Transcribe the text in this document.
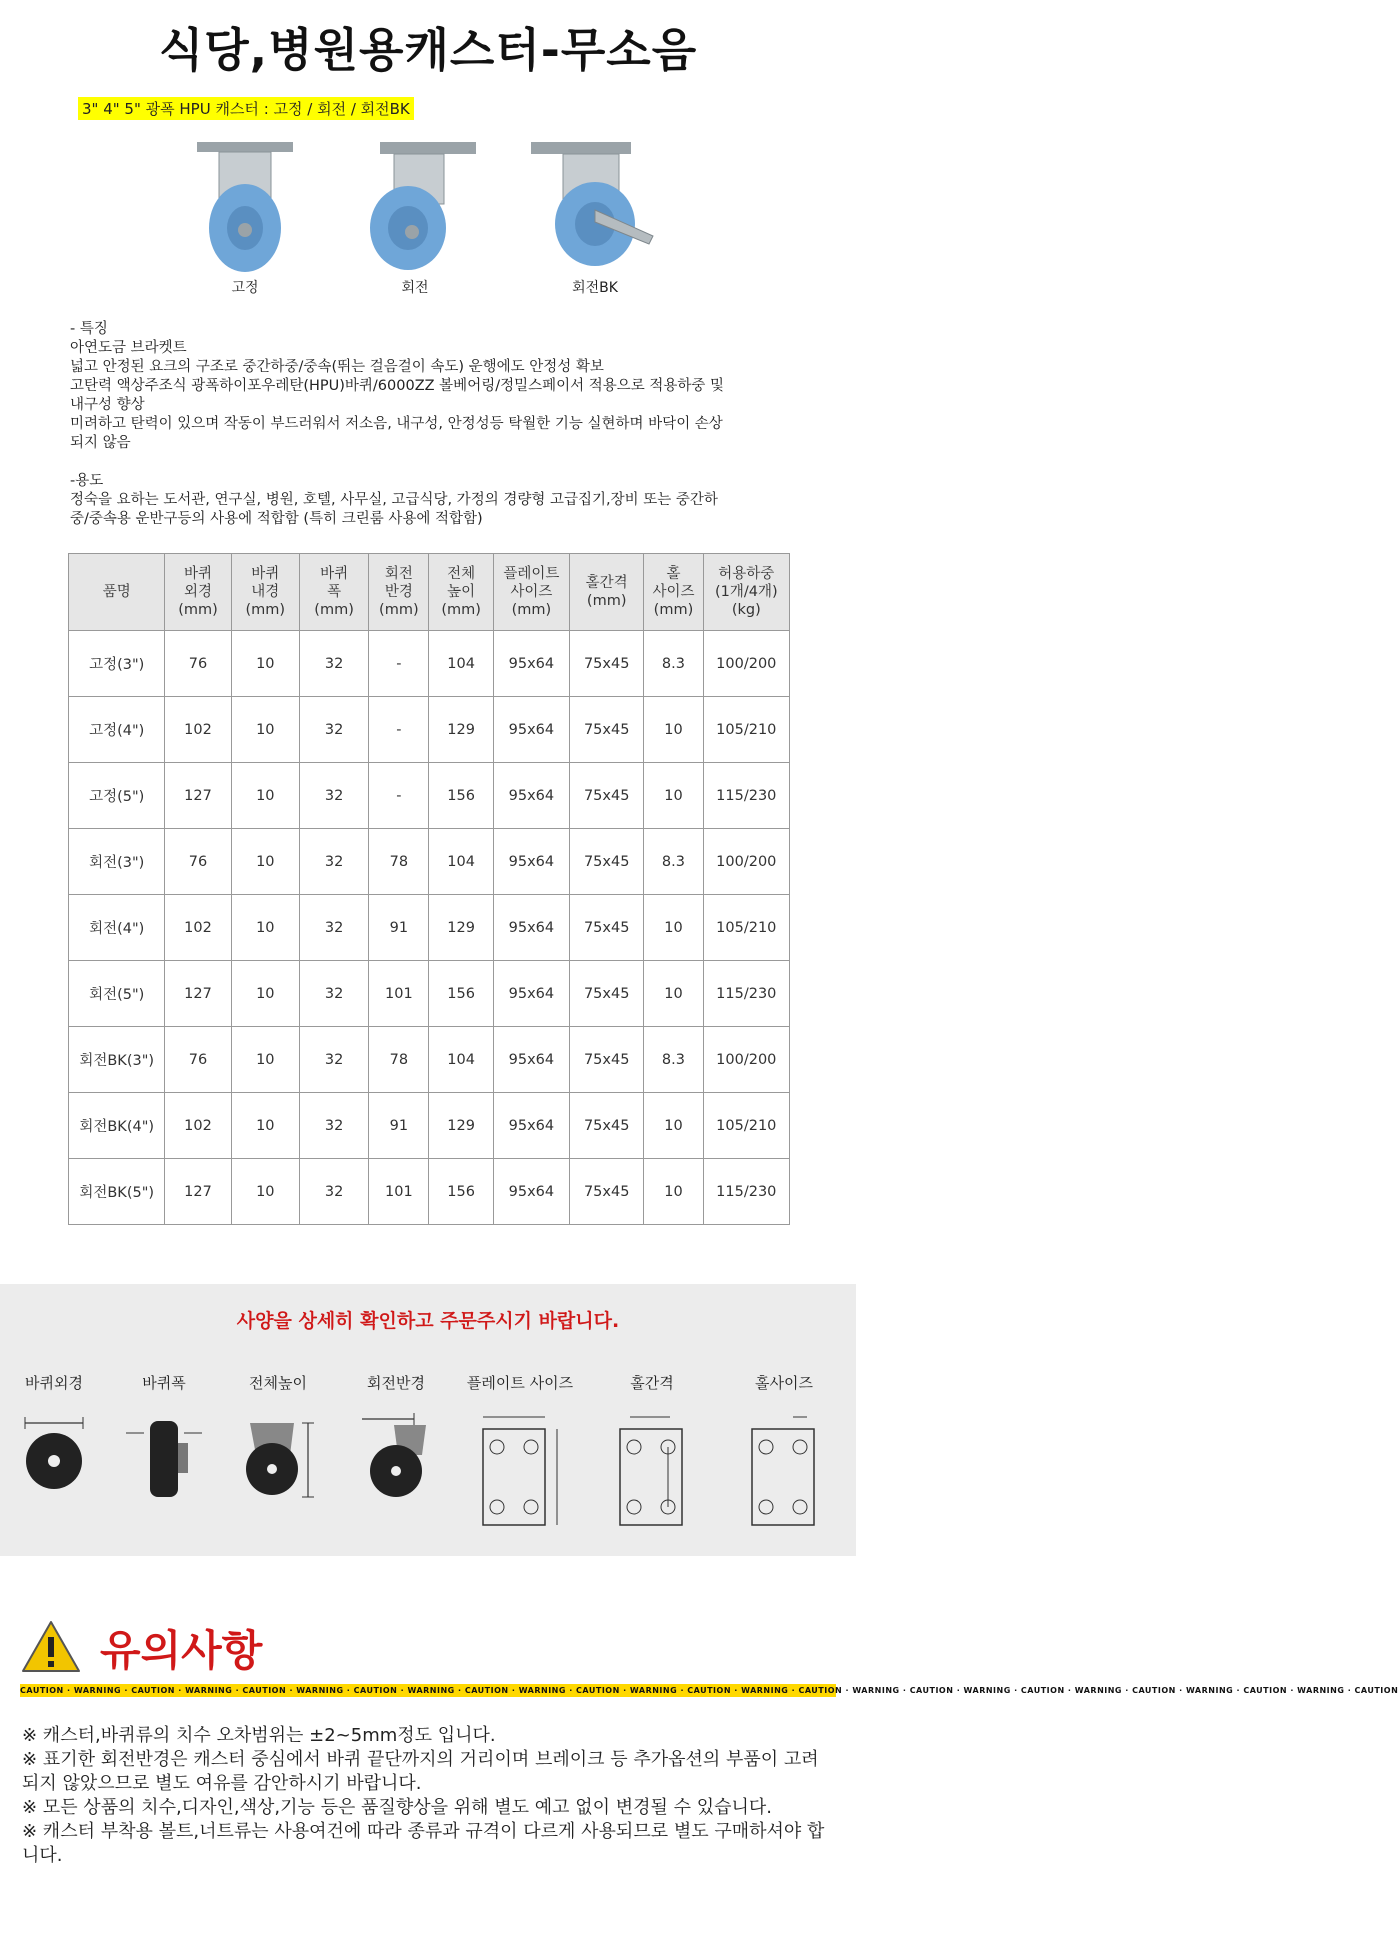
식당,병원용캐스터-무소음
3" 4" 5" 광폭 HPU 캐스터 : 고정 / 회전 / 회전BK
고정	회전	회전BK

- 특징

아연도금 브라켓트

넓고 안정된 요크의 구조로 중간하중/중속(뛰는 걸음걸이 속도) 운행에도 안정성 확보

고탄력 액상주조식 광폭하이포우레탄(HPU)바퀴/6000ZZ 볼베어링/정밀스페이서 적용으로 적용하중 및

내구성 향상

미려하고 탄력이 있으며 작동이 부드러워서 저소음, 내구성, 안정성등 탁월한 기능 실현하며 바닥이 손상

되지 않음

-용도

정숙을 요하는 도서관, 연구실, 병원, 호텔, 사무실, 고급식당, 가정의 경량형 고급집기,장비 또는 중간하

중/중속용 운반구등의 사용에 적합함 (특히 크린룸 사용에 적합함)

품명	바퀴
외경
(mm)	바퀴
내경
(mm)	바퀴
폭
(mm)	회전
반경
(mm)	전체
높이
(mm)	플레이트
사이즈
(mm)	홀간격
(mm)	홀
사이즈
(mm)	허용하중
(1개/4개)
(kg)
고정(3")	76	10	32	-	104	95x64	75x45	8.3	100/200
고정(4")	102	10	32	-	129	95x64	75x45	10	105/210
고정(5")	127	10	32	-	156	95x64	75x45	10	115/230
회전(3")	76	10	32	78	104	95x64	75x45	8.3	100/200
회전(4")	102	10	32	91	129	95x64	75x45	10	105/210
회전(5")	127	10	32	101	156	95x64	75x45	10	115/230
회전BK(3")	76	10	32	78	104	95x64	75x45	8.3	100/200
회전BK(4")	102	10	32	91	129	95x64	75x45	10	105/210
회전BK(5")	127	10	32	101	156	95x64	75x45	10	115/230
사양을 상세히 확인하고 주문주시기 바랍니다.
바퀴외경	바퀴폭	전체높이	회전반경	플레이트 사이즈	홀간격	홀사이즈
유의사항
CAUTION · WARNING · CAUTION · WARNING · CAUTION · WARNING · CAUTION · WARNING · CAUTION · WARNING · CAUTION · WARNING · CAUTION · WARNING · CAUTION · WARNING · CAUTION · WARNING · CAUTION · WARNING · CAUTION · WARNING · CAUTION · WARNING · CAUTION

※ 캐스터,바퀴류의 치수 오차범위는 ±2~5mm정도 입니다.

※ 표기한 회전반경은 캐스터 중심에서 바퀴 끝단까지의 거리이며 브레이크 등 추가옵션의 부품이 고려되지 않았으므로 별도 여유를 감안하시기 바랍니다.

※ 모든 상품의 치수,디자인,색상,기능 등은 품질향상을 위해 별도 예고 없이 변경될 수 있습니다.

※ 캐스터 부착용 볼트,너트류는 사용여건에 따라 종류과 규격이 다르게 사용되므로 별도 구매하셔야 합니다.
